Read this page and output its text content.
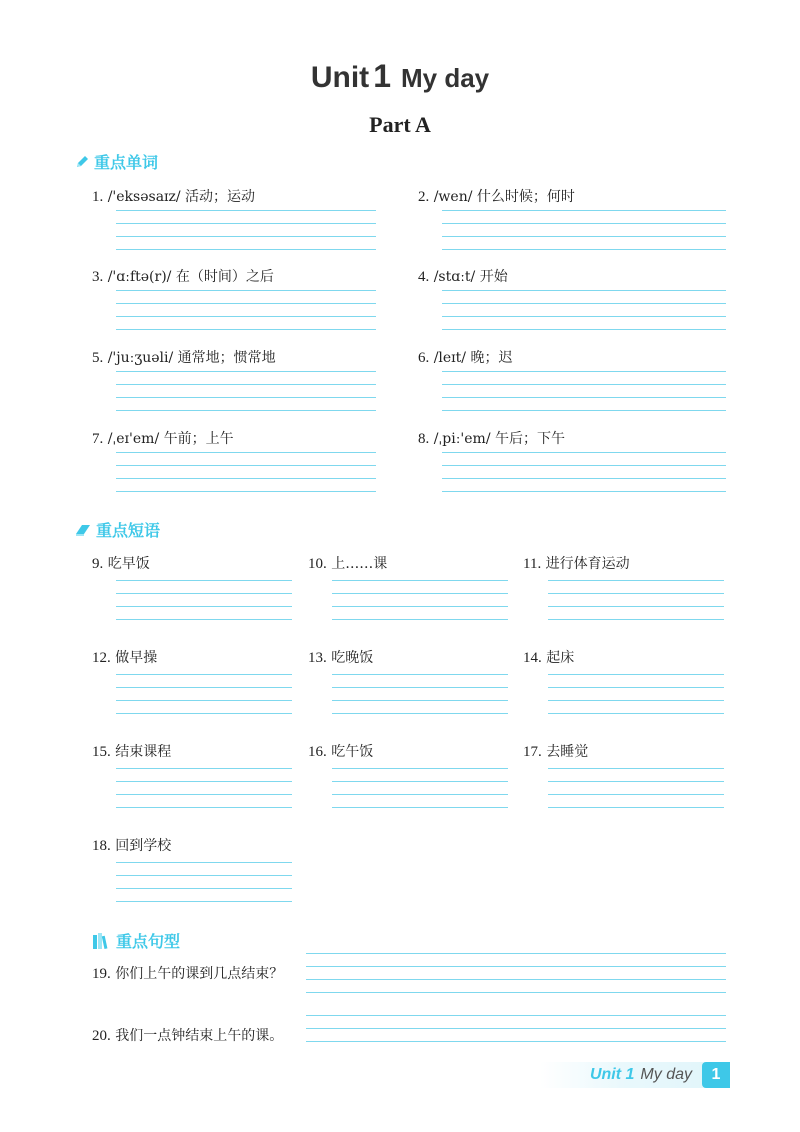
Unit 1 My day
Part A
重点单词
1. /'eksəsaɪz/ 活动；运动	2. /wen/ 什么时候；何时
3. /'ɑːftə(r)/ 在（时间）之后	4. /stɑːt/ 开始
5. /'juːʒuəli/ 通常地；惯常地	6. /leɪt/ 晚；迟
7. /ˌeɪ'em/ 午前；上午	8. /ˌpiː'em/ 午后；下午
重点短语
9. 吃早饭	10. 上……课	11. 进行体育运动
12. 做早操	13. 吃晚饭	14. 起床
15. 结束课程	16. 吃午饭	17. 去睡觉
18. 回到学校
重点句型
19. 你们上午的课到几点结束？
20. 我们一点钟结束上午的课。
Unit 1 My day	1
